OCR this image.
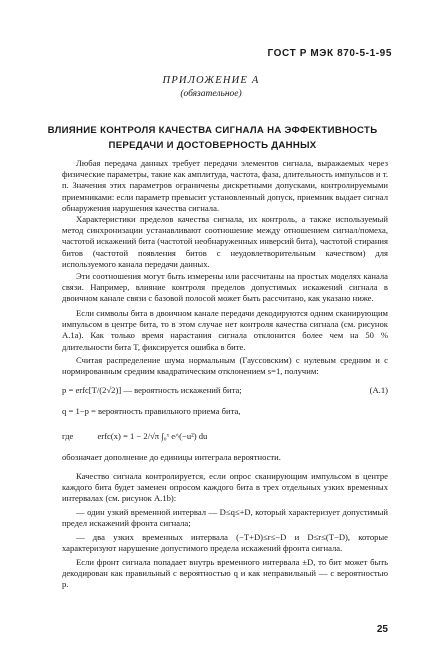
ГОСТ Р МЭК 870-5-1-95
ПРИЛОЖЕНИЕ А
(обязательное)
ВЛИЯНИЕ КОНТРОЛЯ КАЧЕСТВА СИГНАЛА НА ЭФФЕКТИВНОСТЬ ПЕРЕДАЧИ И ДОСТОВЕРНОСТЬ ДАННЫХ

Любая передача данных требует передачи элементов сигнала, выражаемых через физические параметры, такие как амплитуда, частота, фаза, длительность импульсов и т. п. Значения этих параметров ограничены дискретными допусками, контролируемыми приемниками: если параметр превысит установленный допуск, приемник выдает сигнал обнаружения нарушения качества сигнала.

Характеристики пределов качества сигнала, их контроль, а также используемый метод синхронизации устанавливают соотношение между отношением сигнал/помеха, частотой искажений бита (частотой необнаруженных инверсий бита), частотой стирания битов (частотой появления битов с неудовлетворительным качеством) для используемого канала передачи данных.

Эти соотношения могут быть измерены или рассчитаны на простых моделях канала связи. Например, влияние контроля пределов допустимых искажений сигнала в двоичном канале связи с базовой полосой может быть рассчитано, как указано ниже.

Если символы бита в двоичном канале передачи декодируются одним сканирующим импульсом в центре бита, то в этом случае нет контроля качества сигнала (см. рисунок А.1а). Как только время нарастания сигнала отклонится более чем на 50 % длительности бита T, фиксируется ошибка в бите.

Считая распределение шума нормальным (Гауссовским) с нулевым средним и с нормированным средним квадратическим отклонением s=1, получим:

p = erfc[T/(2√2)] — вероятность искажений бита;	(А.1)
q = 1−p = вероятность правильного приема бита,
где	erfc(x) = 1 − 2/√π ∫₀ˣ e^(−u²) du

обозначает дополнение до единицы интеграла вероятности.

Качество сигнала контролируется, если опрос сканирующим импульсом в центре каждого бита будет заменен опросом каждого бита в трех отдельных узких временных интервалах (см. рисунок А.1b):

— один узкий временной интервал — D≤q≤+D, который характеризует допустимый предел искажений фронта сигнала;

— два узких временных интервала (−T+D)≤r≤−D и D≤r≤(T−D), которые характеризуют нарушение допустимого предела искажений фронта сигнала.

Если фронт сигнала попадает внутрь временного интервала ±D, то бит может быть декодирован как правильный с вероятностью q и как неправильный — с вероятностью p.

25
